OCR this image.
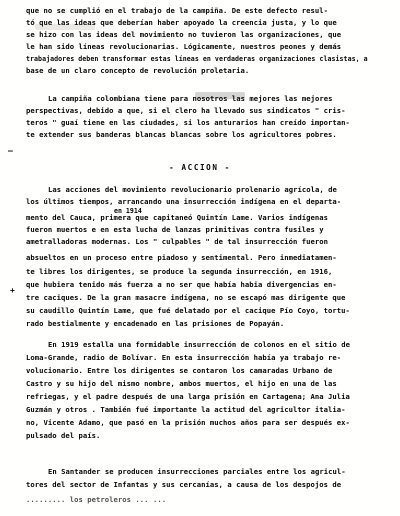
—
+
que no se cumplió en el trabajo de la campiña. De este defecto resul-
tó que las ideas que deberían haber apoyado la creencia justa, y lo que
se hizo con las ideas del movimiento no tuvieron las organizaciones, que
le han sido líneas revolucionarias. Lógicamente, nuestros peones y demás
trabajadores deben transformar estas líneas en verdaderas organizaciones clasistas, a
base de un claro concepto de revolución proletaria.
La campiña colombiana tiene para nosotros las mejores las mejores
perspectivas, debido a que, si el clero ha llevado sus sindicatos " cris-
teros " guaí tiene en las ciudades, si los anturarios han creído importan-
te extender sus banderas blancas blancas sobre los agricultores pobres.
- ACCION -
Las acciones del movimiento revolucionario prolenario agrícola, de
los últimos tiempos, arrancando una insurrección indígena en el departa-
en 1914
mento del Cauca, primera que capitaneó Quintín Lame. Varios indígenas
fueron muertos e en esta lucha de lanzas primitivas contra fusiles y
ametralladoras modernas. Los " culpables " de tal insurrección fueron
absueltos en un proceso entre piadoso y sentimental. Pero inmediatamen-
te libres los dirigentes, se produce la segunda insurrección, en 1916,
que hubiera tenido más fuerza a no ser que había habia divergencias en-
tre caciques. De la gran masacre indígena, no se escapó mas dirigente que
su caudillo Quintín Lame, que fué delatado por el cacique Pío Coyo, tortu-
rado bestialmente y encadenado en las prisiones de Popayán.
En 1919 estalla una formidable insurrección de colonos en el sitio de
Loma-Grande, radio de Bolívar. En esta insurrección había ya trabajo re-
volucionario. Entre los dirigentes se contaron los camaradas Urbano de
Castro y su hijo del mismo nombre, ambos muertos, el hijo en una de las
refriegas, y el padre después de una larga prisión en Cartagena; Ana Julia
Guzmán y otros . También fué importante la actitud del agricultor italia-
no, Vicente Adamo, que pasó en la prisión muchos años para ser después ex-
pulsado del país.
En Santander se producen insurrecciones parciales entre los agricul-
tores del sector de Infantas y sus cercanías, a causa de los despojos de
......... los petroleros ... ...
